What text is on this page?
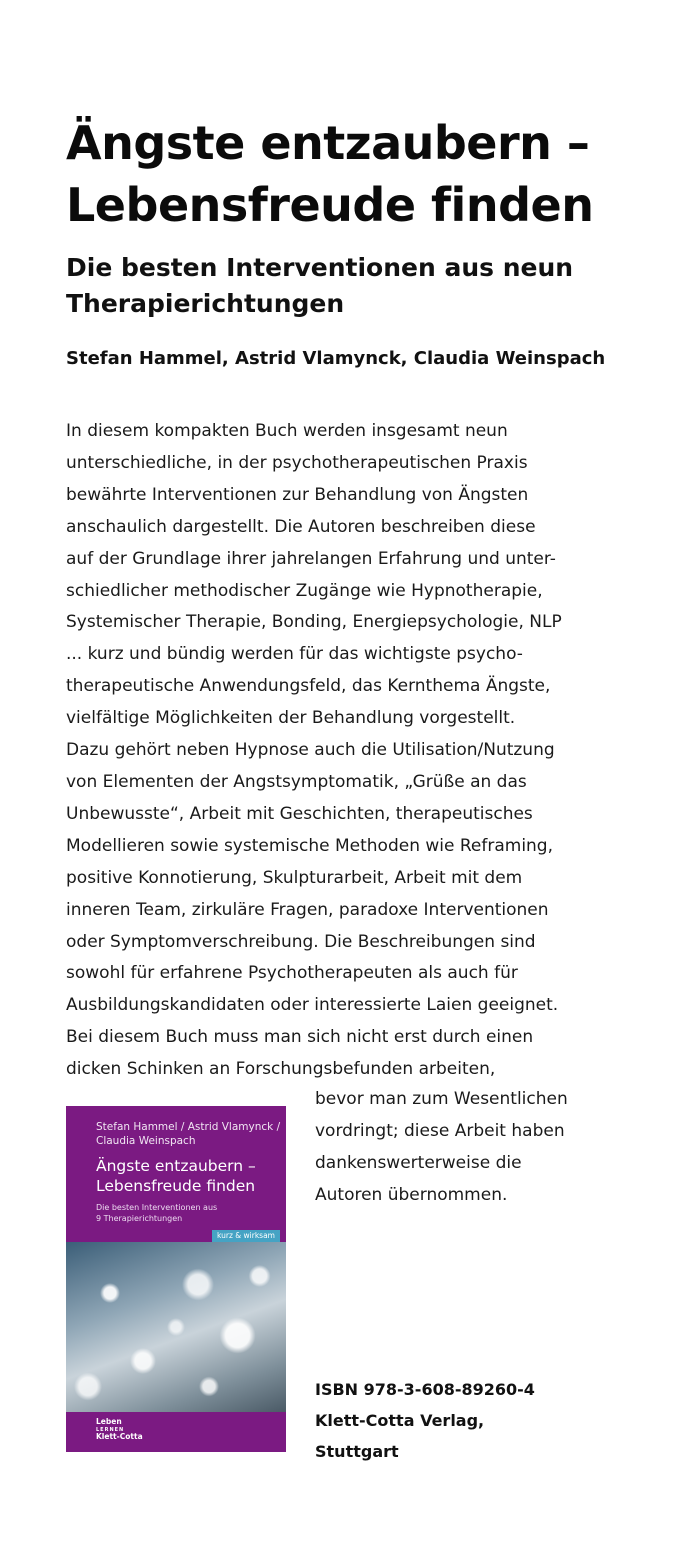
Ängste entzaubern –
Lebensfreude finden
Die besten Interventionen aus neun
Therapierichtungen

Stefan Hammel, Astrid Vlamynck, Claudia Weinspach

In diesem kompakten Buch werden insgesamt neun
unterschiedliche, in der psychotherapeutischen Praxis
bewährte Interventionen zur Behandlung von Ängsten
anschaulich dargestellt. Die Autoren beschreiben diese
auf der Grundlage ihrer jahrelangen Erfahrung und unter-
schiedlicher methodischer Zugänge wie Hypnotherapie,
Systemischer Therapie, Bonding, Energiepsychologie, NLP
... kurz und bündig werden für das wichtigste psycho-
therapeutische Anwendungsfeld, das Kernthema Ängste,
vielfältige Möglichkeiten der Behandlung vorgestellt.
Dazu gehört neben Hypnose auch die Utilisation/Nutzung
von Elementen der Angstsymptomatik, „Grüße an das
Unbewusste“, Arbeit mit Geschichten, therapeutisches
Modellieren sowie systemische Methoden wie Reframing,
positive Konnotierung, Skulpturarbeit, Arbeit mit dem
inneren Team, zirkuläre Fragen, paradoxe Interventionen
oder Symptomverschreibung. Die Beschreibungen sind
sowohl für erfahrene Psychotherapeuten als auch für
Ausbildungskandidaten oder interessierte Laien geeignet.
Bei diesem Buch muss man sich nicht erst durch einen
dicken Schinken an Forschungsbefunden arbeiten,

bevor man zum Wesentlichen
vordringt; diese Arbeit haben
dankenswerterweise die
Autoren übernommen.

Stefan Hammel / Astrid Vlamynck /
Claudia Weinspach
Ängste entzaubern –
Lebensfreude finden
Die besten Interventionen aus
9 Therapierichtungen
kurz & wirksam
Leben
LERNEN
Klett-Cotta

ISBN 978-3-608-89260-4
Klett-Cotta Verlag,
Stuttgart
